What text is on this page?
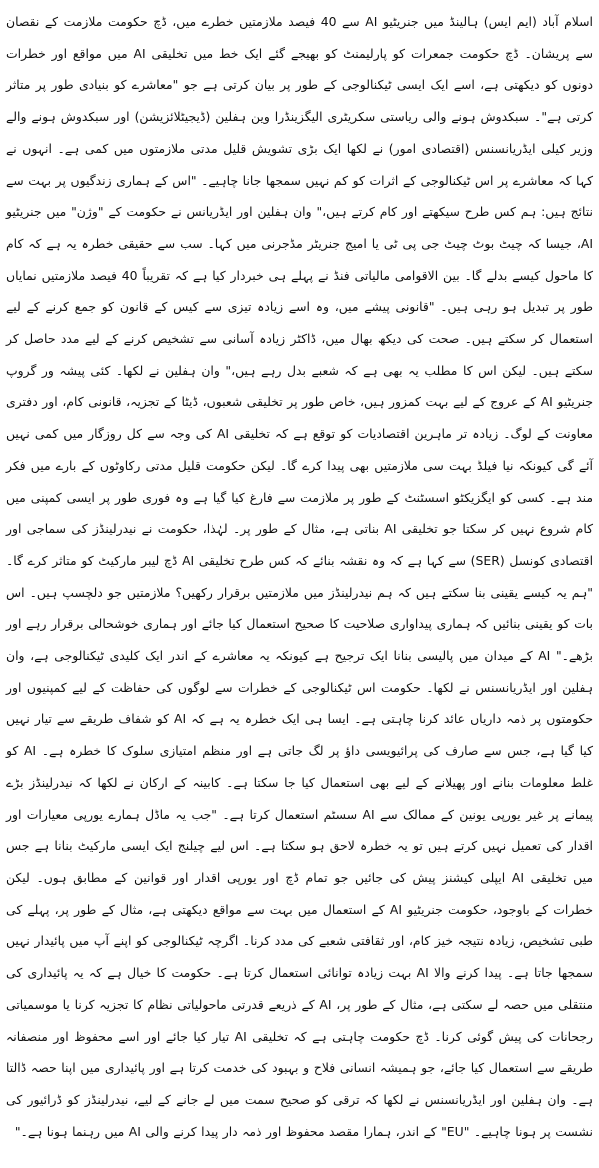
اسلام آباد (ایم ایس) ہالینڈ میں جنریٹیو AI سے 40 فیصد ملازمتیں خطرے میں، ڈچ حکومت ملازمت کے نقصان سے پریشان۔ ڈچ حکومت جمعرات کو پارلیمنٹ کو بھیجے گئے ایک خط میں تخلیقی AI میں مواقع اور خطرات دونوں کو دیکھتی ہے، اسے ایک ایسی ٹیکنالوجی کے طور پر بیان کرتی ہے جو "معاشرے کو بنیادی طور پر متاثر کرتی ہے"۔ سبکدوش ہونے والی ریاستی سکریٹری الیگزینڈرا وین ہفلین (ڈیجیٹلائزیشن) اور سبکدوش ہونے والے وزیر کیلی ایڈریانسنس (اقتصادی امور) نے لکھا ایک بڑی تشویش قلیل مدتی ملازمتوں میں کمی ہے۔ انہوں نے کہا کہ معاشرے پر اس ٹیکنالوجی کے اثرات کو کم نہیں سمجھا جانا چاہیے۔ "اس کے ہماری زندگیوں پر بہت سے نتائج ہیں: ہم کس طرح سیکھتے اور کام کرتے ہیں،" وان ہفلین اور ایڈریانس نے حکومت کے "وژن" میں جنریٹیو AI، جیسا کہ چیٹ بوٹ چیٹ جی پی ٹی یا امیج جنریٹر مڈجرنی میں کہا۔ سب سے حقیقی خطرہ یہ ہے کہ کام کا ماحول کیسے بدلے گا۔ بین الاقوامی مالیاتی فنڈ نے پہلے ہی خبردار کیا ہے کہ تقریباً 40 فیصد ملازمتیں نمایاں طور پر تبدیل ہو رہی ہیں۔ "قانونی پیشے میں، وہ اسے زیادہ تیزی سے کیس کے قانون کو جمع کرنے کے لیے استعمال کر سکتے ہیں۔ صحت کی دیکھ بھال میں، ڈاکٹر زیادہ آسانی سے تشخیص کرنے کے لیے مدد حاصل کر سکتے ہیں۔ لیکن اس کا مطلب یہ بھی ہے کہ شعبے بدل رہے ہیں،" وان ہفلین نے لکھا۔ کئی پیشہ ور گروپ جنریٹیو AI کے عروج کے لیے بہت کمزور ہیں، خاص طور پر تخلیقی شعبوں، ڈیٹا کے تجزیہ، قانونی کام، اور دفتری معاونت کے لوگ۔ زیادہ تر ماہرین اقتصادیات کو توقع ہے کہ تخلیقی AI کی وجہ سے کل روزگار میں کمی نہیں آئے گی کیونکہ نیا فیلڈ بہت سی ملازمتیں بھی پیدا کرے گا۔ لیکن حکومت قلیل مدتی رکاوٹوں کے بارے میں فکر مند ہے۔ کسی کو ایگزیکٹو اسسٹنٹ کے طور پر ملازمت سے فارغ کیا گیا ہے وہ فوری طور پر ایسی کمپنی میں کام شروع نہیں کر سکتا جو تخلیقی AI بناتی ہے، مثال کے طور پر۔ لہٰذا، حکومت نے نیدرلینڈز کی سماجی اور اقتصادی کونسل (SER) سے کہا ہے کہ وہ نقشہ بنائے کہ کس طرح تخلیقی AI ڈچ لیبر مارکیٹ کو متاثر کرے گا۔ "ہم یہ کیسے یقینی بنا سکتے ہیں کہ ہم نیدرلینڈز میں ملازمتیں برقرار رکھیں؟ ملازمتیں جو دلچسپ ہیں۔ اس بات کو یقینی بنائیں کہ ہماری پیداواری صلاحیت کا صحیح استعمال کیا جائے اور ہماری خوشحالی برقرار رہے اور بڑھے۔" AI کے میدان میں پالیسی بنانا ایک ترجیح ہے کیونکہ یہ معاشرے کے اندر ایک کلیدی ٹیکنالوجی ہے، وان ہفلین اور ایڈریانسنس نے لکھا۔ حکومت اس ٹیکنالوجی کے خطرات سے لوگوں کی حفاظت کے لیے کمپنیوں اور حکومتوں پر ذمہ داریاں عائد کرنا چاہتی ہے۔ ایسا ہی ایک خطرہ یہ ہے کہ AI کو شفاف طریقے سے تیار نہیں کیا گیا ہے، جس سے صارف کی پرائیویسی داؤ پر لگ جاتی ہے اور منظم امتیازی سلوک کا خطرہ ہے۔ AI کو غلط معلومات بنانے اور پھیلانے کے لیے بھی استعمال کیا جا سکتا ہے۔ کابینہ کے ارکان نے لکھا کہ نیدرلینڈز بڑے پیمانے پر غیر یورپی یونین کے ممالک سے AI سسٹم استعمال کرتا ہے۔ "جب یہ ماڈل ہمارے یورپی معیارات اور اقدار کی تعمیل نہیں کرتے ہیں تو یہ خطرہ لاحق ہو سکتا ہے۔ اس لیے چیلنج ایک ایسی مارکیٹ بنانا ہے جس میں تخلیقی AI ایپلی کیشنز پیش کی جائیں جو تمام ڈچ اور یورپی اقدار اور قوانین کے مطابق ہوں۔ لیکن خطرات کے باوجود، حکومت جنریٹیو AI کے استعمال میں بہت سے مواقع دیکھتی ہے، مثال کے طور پر، پہلے کی طبی تشخیص، زیادہ نتیجہ خیز کام، اور ثقافتی شعبے کی مدد کرنا۔ اگرچہ ٹیکنالوجی کو اپنے آپ میں پائیدار نہیں سمجھا جاتا ہے۔ پیدا کرنے والا AI بہت زیادہ توانائی استعمال کرتا ہے۔ حکومت کا خیال ہے کہ یہ پائیداری کی منتقلی میں حصہ لے سکتی ہے، مثال کے طور پر، AI کے ذریعے قدرتی ماحولیاتی نظام کا تجزیہ کرنا یا موسمیاتی رجحانات کی پیش گوئی کرنا۔ ڈچ حکومت چاہتی ہے کہ تخلیقی AI تیار کیا جائے اور اسے محفوظ اور منصفانہ طریقے سے استعمال کیا جائے، جو ہمیشہ انسانی فلاح و بہبود کی خدمت کرتا ہے اور پائیداری میں اپنا حصہ ڈالتا ہے۔ وان ہفلین اور ایڈریانسنس نے لکھا کہ ترقی کو صحیح سمت میں لے جانے کے لیے، نیدرلینڈز کو ڈرائیور کی نشست پر ہونا چاہیے۔ "EU" کے اندر، ہمارا مقصد محفوظ اور ذمہ دار پیدا کرنے والی AI میں رہنما ہونا ہے۔"
